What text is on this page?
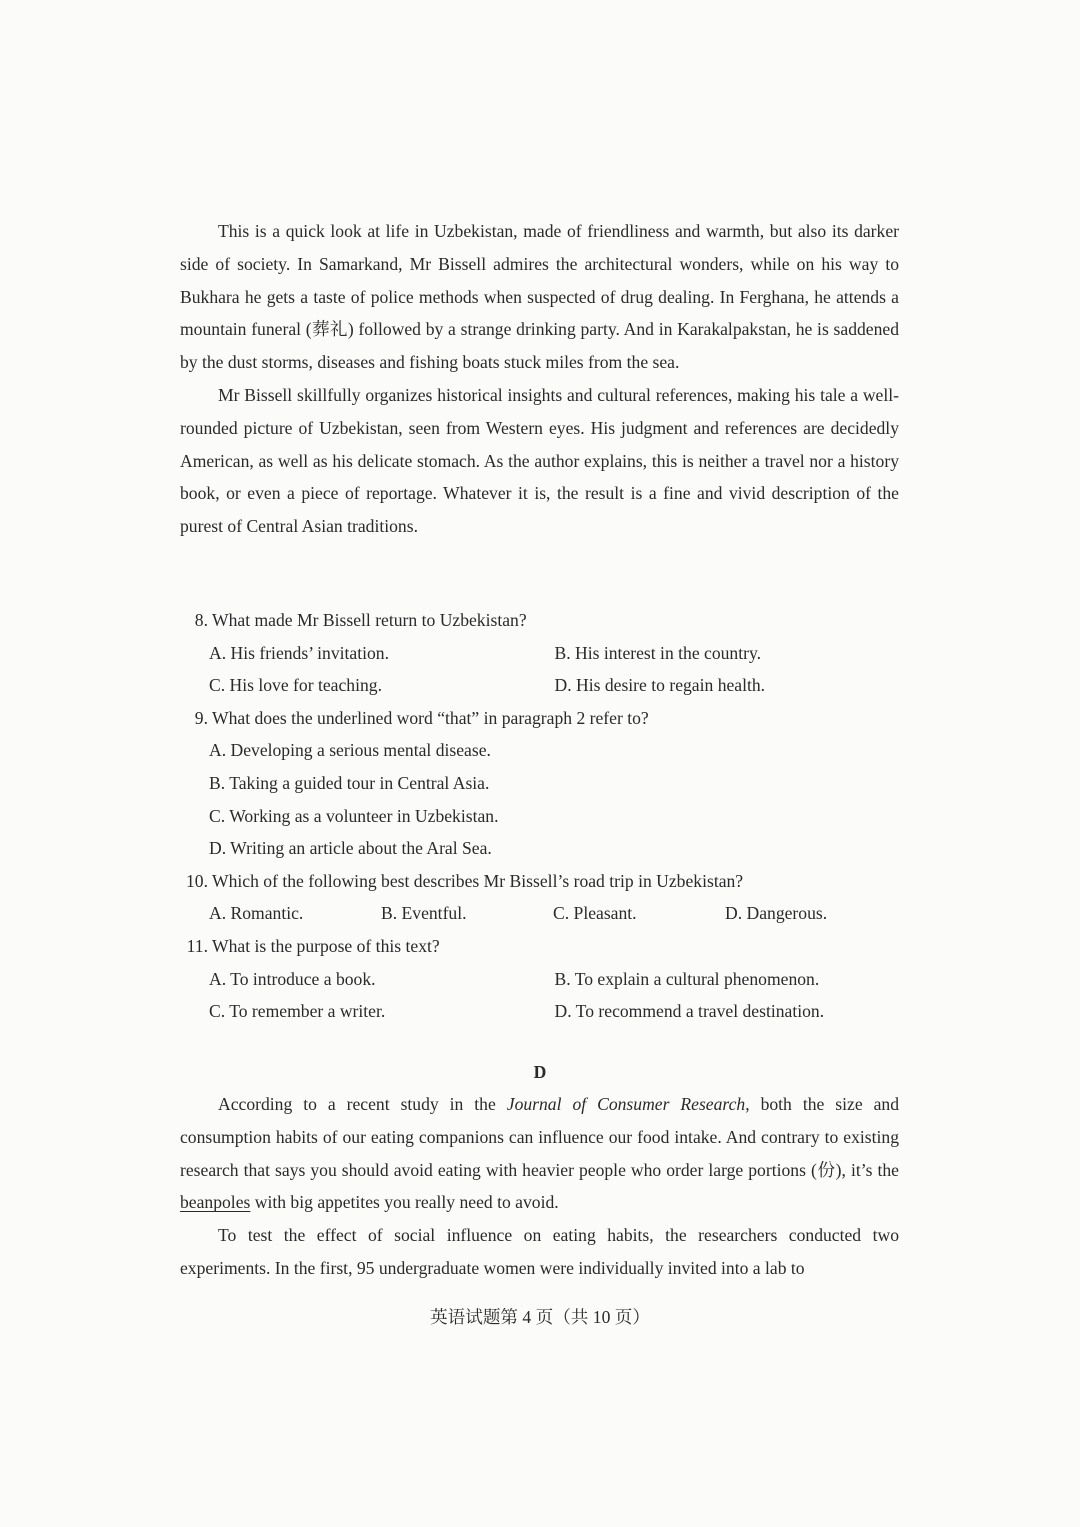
This is a quick look at life in Uzbekistan, made of friendliness and warmth, but also its darker side of society. In Samarkand, Mr Bissell admires the architectural wonders, while on his way to Bukhara he gets a taste of police methods when suspected of drug dealing. In Ferghana, he attends a mountain funeral (葬礼) followed by a strange drinking party. And in Karakalpakstan, he is saddened by the dust storms, diseases and fishing boats stuck miles from the sea.

Mr Bissell skillfully organizes historical insights and cultural references, making his tale a well-rounded picture of Uzbekistan, seen from Western eyes. His judgment and references are decidedly American, as well as his delicate stomach. As the author explains, this is neither a travel nor a history book, or even a piece of reportage. Whatever it is, the result is a fine and vivid description of the purest of Central Asian traditions.

8. What made Mr Bissell return to Uzbekistan?
A. His friends’ invitation.	B. His interest in the country.
C. His love for teaching.	D. His desire to regain health.
9. What does the underlined word “that” in paragraph 2 refer to?
A. Developing a serious mental disease.
B. Taking a guided tour in Central Asia.
C. Working as a volunteer in Uzbekistan.
D. Writing an article about the Aral Sea.
10. Which of the following best describes Mr Bissell’s road trip in Uzbekistan?
A. Romantic.	B. Eventful.	C. Pleasant.	D. Dangerous.
11. What is the purpose of this text?
A. To introduce a book.	B. To explain a cultural phenomenon.
C. To remember a writer.	D. To recommend a travel destination.
D

According to a recent study in the Journal of Consumer Research, both the size and consumption habits of our eating companions can influence our food intake. And contrary to existing research that says you should avoid eating with heavier people who order large portions (份), it’s the beanpoles with big appetites you really need to avoid.

To test the effect of social influence on eating habits, the researchers conducted two experiments. In the first, 95 undergraduate women were individually invited into a lab to

英语试题第 4 页（共 10 页）
